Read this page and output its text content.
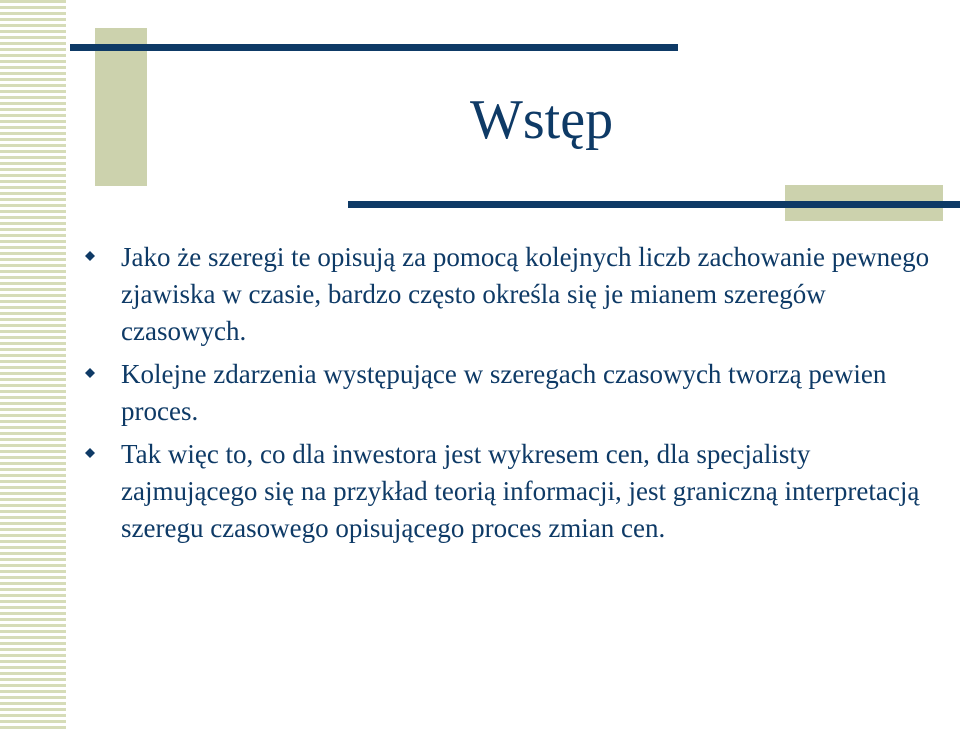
Wstęp
Jako że szeregi te opisują za pomocą kolejnych liczb zachowanie pewnego zjawiska w czasie, bardzo często określa się je mianem szeregów czasowych.
Kolejne zdarzenia występujące w szeregach czasowych tworzą pewien proces.
Tak więc to, co dla inwestora jest wykresem cen, dla specjalisty zajmującego się na przykład teorią informacji, jest graniczną interpretacją szeregu czasowego opisującego proces zmian cen.
